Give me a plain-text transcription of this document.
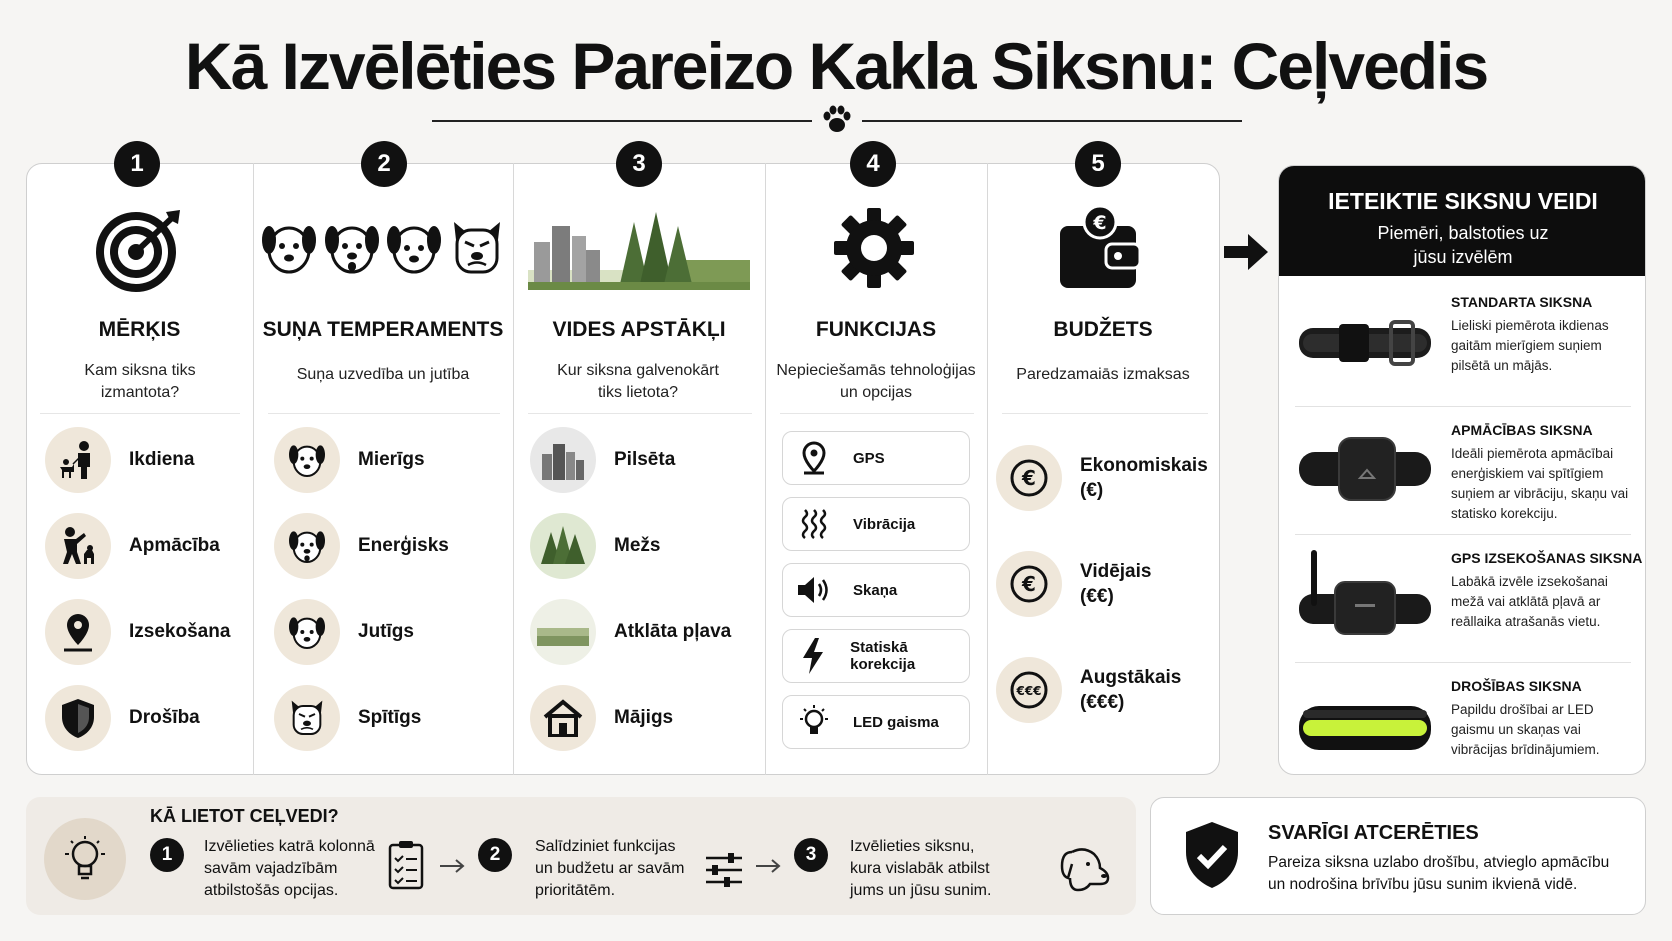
Kā Izvēlēties Pareizo Kakla Siksnu: Ceļvedis
1	2	3	4	5
MĒRĶIS
Kam siksna tiks izmantota?
SUŅA TEMPERAMENTS
Suņa uzvedība un jutība
VIDES APSTĀKĻI
Kur siksna galvenokārt tiks lietota?
FUNKCIJAS
Nepieciešamās tehnoloģijas un opcijas
€
BUDŽETS
Paredzamaiās izmaksas
Ikdiena
Apmācība
Izsekošana
Drošība
Mierīgs
Enerģisks
Jutīgs
Spītīgs
Pilsēta
Mežs
Atklāta pļava
Mājigs
GPS
Vibrācija
Skaņa
Statiskā korekcija
LED gaisma
€
Ekonomiskais (€)
€
Vidējais (€€)
€€€
Augstākais (€€€)
IETEIKTIE SIKSNU VEIDI
Piemēri, balstoties uz jūsu izvēlēm
STANDARTA SIKSNA
Lieliski piemērota ikdienas gaitām mierīgiem suņiem pilsētā un mājās.
APMĀCĪBAS SIKSNA
Ideāli piemērota apmācībai enerģiskiem vai spītīgiem suņiem ar vibrāciju, skaņu vai statisko korekciju.
GPS IZSEKOŠANAS SIKSNA
Labākā izvēle izsekošanai mežā vai atklātā pļavā ar reāllaika atrašanās vietu.
DROŠĪBAS SIKSNA
Papildu drošībai ar LED gaismu un skaņas vai vibrācijas brīdinājumiem.
KĀ LIETOT CEĻVEDI?
1	Izvēlieties katrā kolonnā savām vajadzībām atbilstošās opcijas.
2	Salīdziniet funkcijas un budžetu ar savām prioritātēm.
3	Izvēlieties siksnu, kura vislabāk atbilst jums un jūsu sunim.
SVARĪGI ATCERĒTIES
Pareiza siksna uzlabo drošību, atvieglo apmācību un nodrošina brīvību jūsu sunim ikvienā vidē.
